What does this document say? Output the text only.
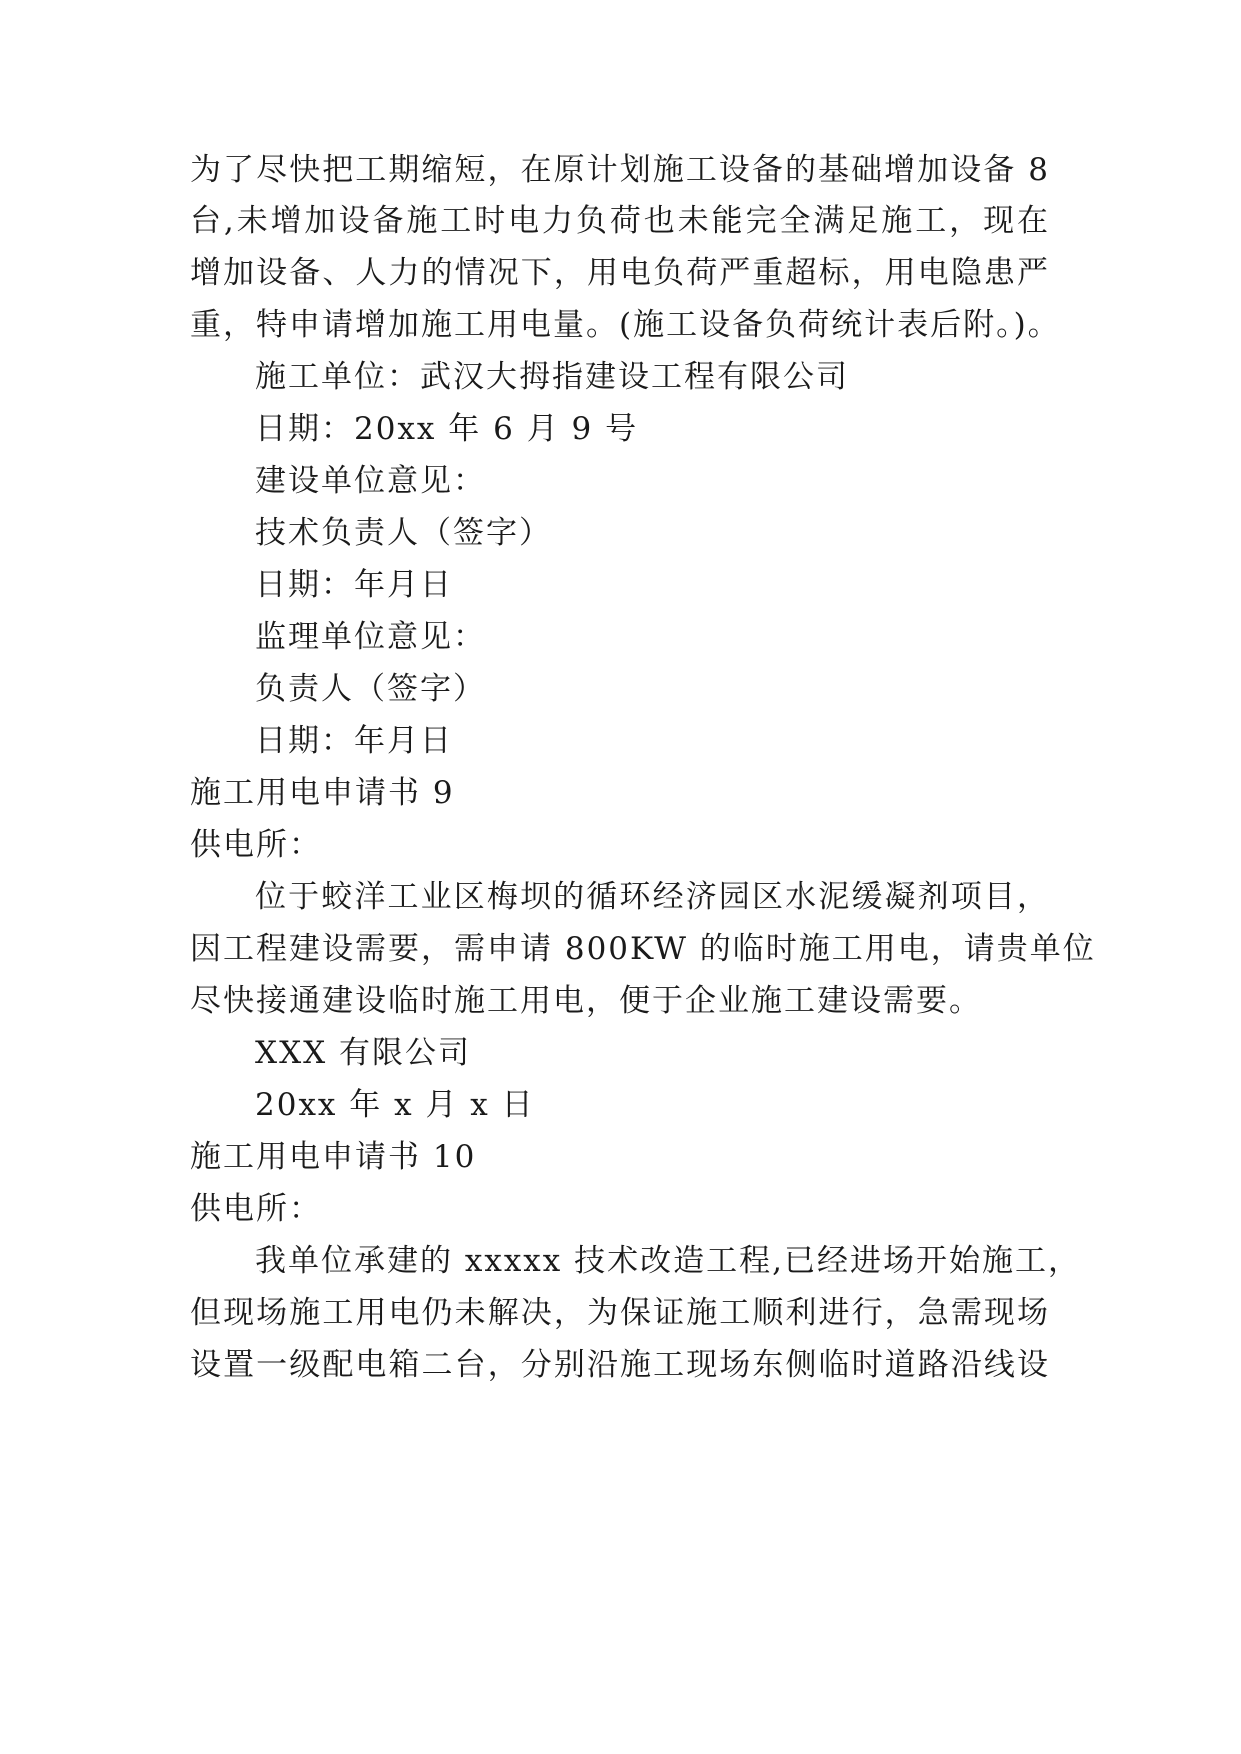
为了尽快把工期缩短，在原计划施工设备的基础增加设备 8
台,未增加设备施工时电力负荷也未能完全满足施工，现在
增加设备、人力的情况下，用电负荷严重超标，用电隐患严
重，特申请增加施工用电量。(施工设备负荷统计表后附。)。
施工单位：武汉大拇指建设工程有限公司
日期：20xx 年 6 月 9 号
建设单位意见：
技术负责人（签字）
日期：年月日
监理单位意见：
负责人（签字）
日期：年月日
施工用电申请书 9
供电所：
位于蛟洋工业区梅坝的循环经济园区水泥缓凝剂项目，
因工程建设需要，需申请 800KW 的临时施工用电，请贵单位
尽快接通建设临时施工用电，便于企业施工建设需要。
XXX 有限公司
20xx 年 x 月 x 日
施工用电申请书 10
供电所：
我单位承建的 xxxxx 技术改造工程,已经进场开始施工，
但现场施工用电仍未解决，为保证施工顺利进行，急需现场
设置一级配电箱二台，分别沿施工现场东侧临时道路沿线设
